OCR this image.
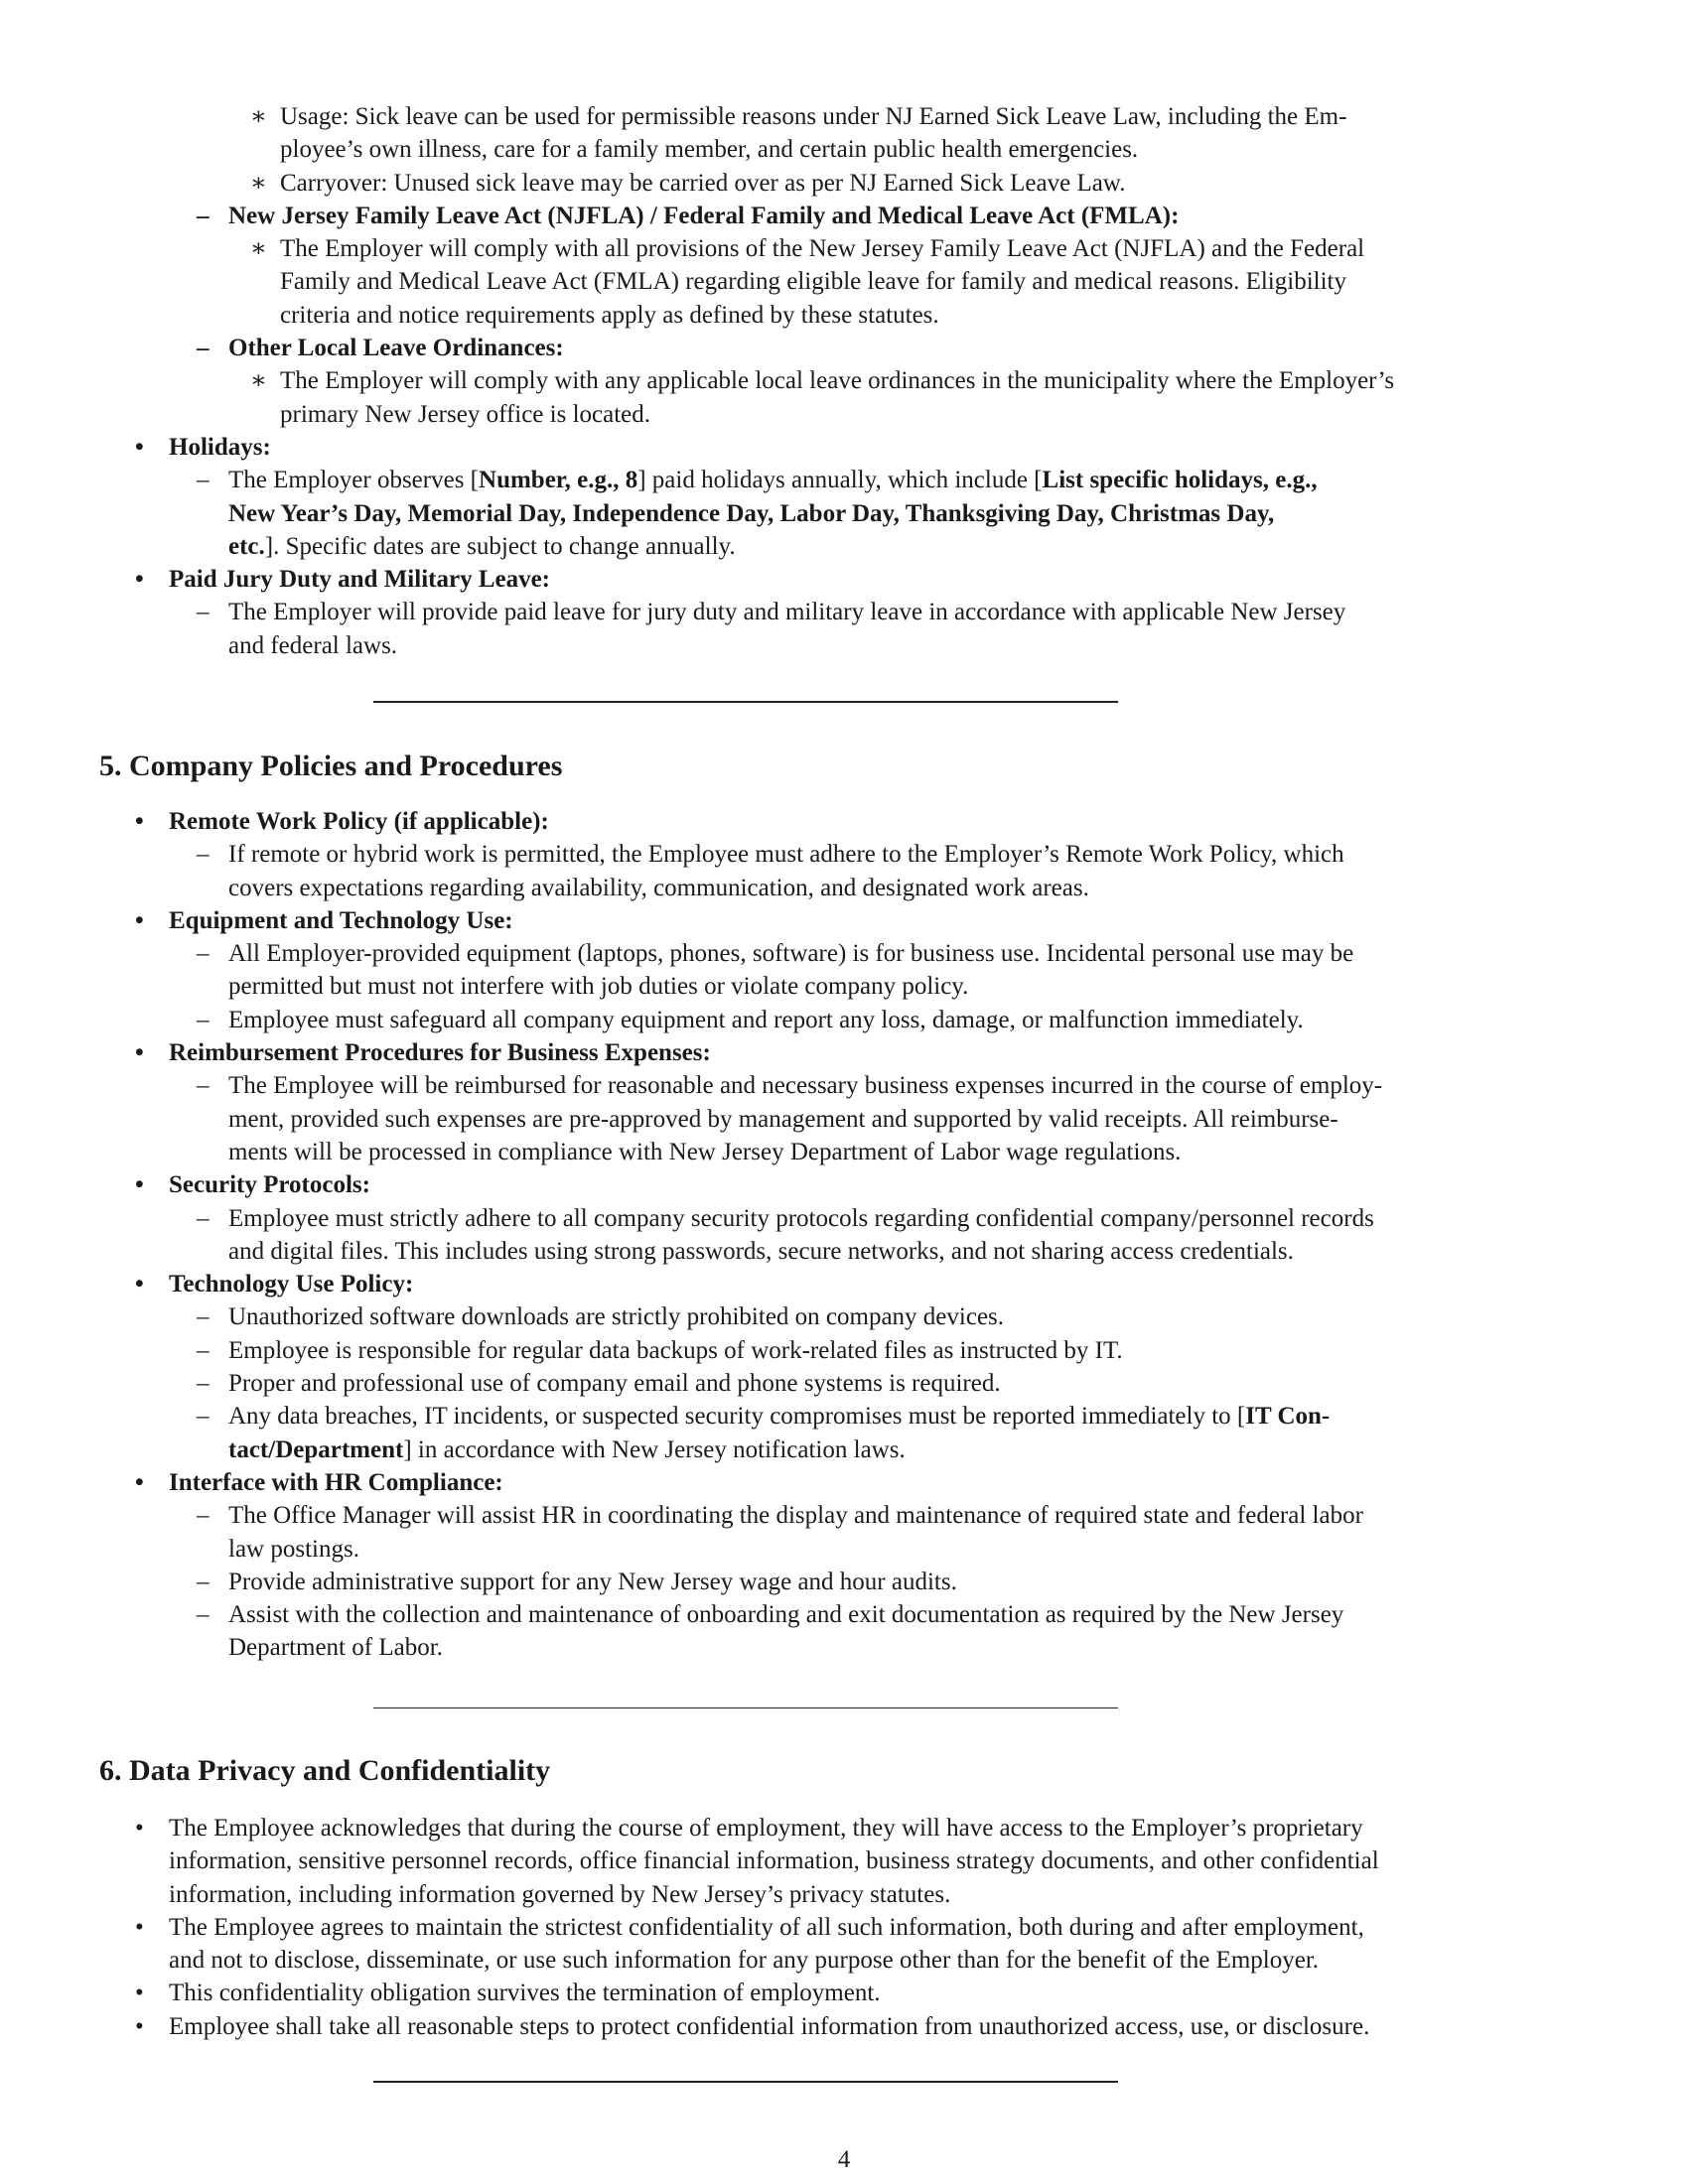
∗ Usage: Sick leave can be used for permissible reasons under NJ Earned Sick Leave Law, including the Em-
ployee’s own illness, care for a family member, and certain public health emergencies.
∗ Carryover: Unused sick leave may be carried over as per NJ Earned Sick Leave Law.
– New Jersey Family Leave Act (NJFLA) / Federal Family and Medical Leave Act (FMLA):
∗ The Employer will comply with all provisions of the New Jersey Family Leave Act (NJFLA) and the Federal
Family and Medical Leave Act (FMLA) regarding eligible leave for family and medical reasons. Eligibility
criteria and notice requirements apply as defined by these statutes.
– Other Local Leave Ordinances:
∗ The Employer will comply with any applicable local leave ordinances in the municipality where the Employer’s
primary New Jersey office is located.
• Holidays:
– The Employer observes [Number, e.g., 8] paid holidays annually, which include [List specific holidays, e.g.,
New Year’s Day, Memorial Day, Independence Day, Labor Day, Thanksgiving Day, Christmas Day,
etc.]. Specific dates are subject to change annually.
• Paid Jury Duty and Military Leave:
– The Employer will provide paid leave for jury duty and military leave in accordance with applicable New Jersey
and federal laws.
5. Company Policies and Procedures
• Remote Work Policy (if applicable):
– If remote or hybrid work is permitted, the Employee must adhere to the Employer’s Remote Work Policy, which
covers expectations regarding availability, communication, and designated work areas.
• Equipment and Technology Use:
– All Employer-provided equipment (laptops, phones, software) is for business use. Incidental personal use may be
permitted but must not interfere with job duties or violate company policy.
– Employee must safeguard all company equipment and report any loss, damage, or malfunction immediately.
• Reimbursement Procedures for Business Expenses:
– The Employee will be reimbursed for reasonable and necessary business expenses incurred in the course of employ-
ment, provided such expenses are pre-approved by management and supported by valid receipts. All reimburse-
ments will be processed in compliance with New Jersey Department of Labor wage regulations.
• Security Protocols:
– Employee must strictly adhere to all company security protocols regarding confidential company/personnel records
and digital files. This includes using strong passwords, secure networks, and not sharing access credentials.
• Technology Use Policy:
– Unauthorized software downloads are strictly prohibited on company devices.
– Employee is responsible for regular data backups of work-related files as instructed by IT.
– Proper and professional use of company email and phone systems is required.
– Any data breaches, IT incidents, or suspected security compromises must be reported immediately to [IT Con-
tact/Department] in accordance with New Jersey notification laws.
• Interface with HR Compliance:
– The Office Manager will assist HR in coordinating the display and maintenance of required state and federal labor
law postings.
– Provide administrative support for any New Jersey wage and hour audits.
– Assist with the collection and maintenance of onboarding and exit documentation as required by the New Jersey
Department of Labor.
6. Data Privacy and Confidentiality
• The Employee acknowledges that during the course of employment, they will have access to the Employer’s proprietary
information, sensitive personnel records, office financial information, business strategy documents, and other confidential
information, including information governed by New Jersey’s privacy statutes.
• The Employee agrees to maintain the strictest confidentiality of all such information, both during and after employment,
and not to disclose, disseminate, or use such information for any purpose other than for the benefit of the Employer.
• This confidentiality obligation survives the termination of employment.
• Employee shall take all reasonable steps to protect confidential information from unauthorized access, use, or disclosure.
4
